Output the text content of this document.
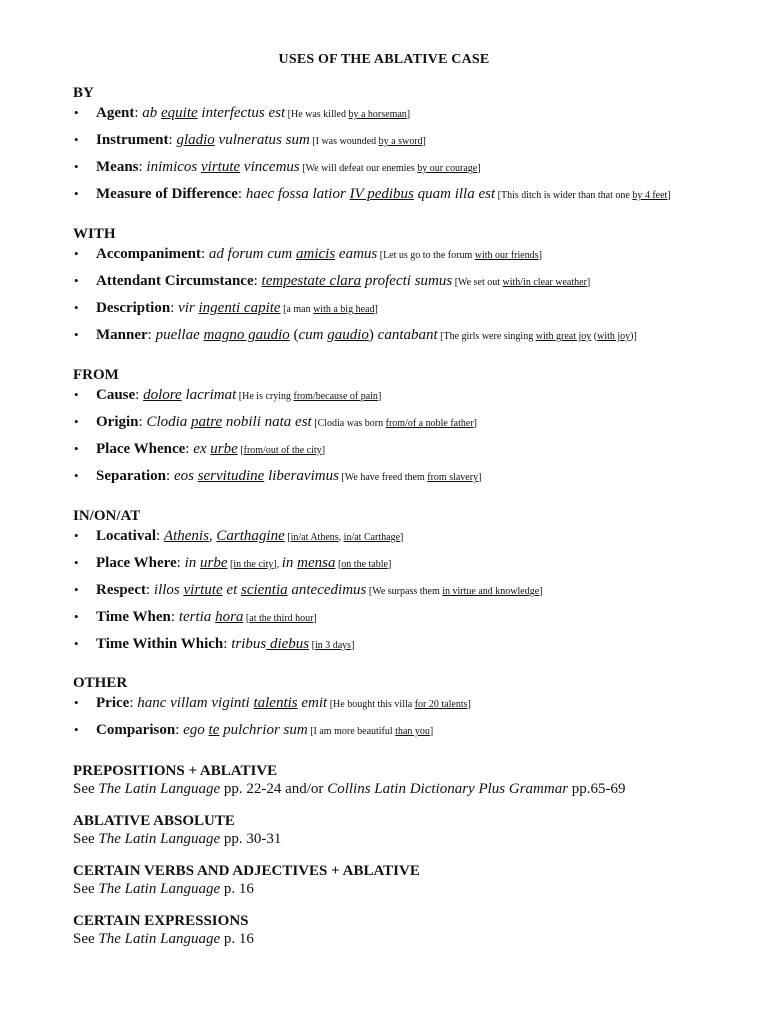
USES OF THE ABLATIVE CASE
BY
• Agent: ab equite interfectus est [He was killed by a horseman]
• Instrument: gladio vulneratus sum [I was wounded by a sword]
• Means: inimicos virtute vincemus [We will defeat our enemies by our courage]
• Measure of Difference: haec fossa latior IV pedibus quam illa est [This ditch is wider than that one by 4 feet]
WITH
• Accompaniment: ad forum cum amicis eamus [Let us go to the forum with our friends]
• Attendant Circumstance: tempestate clara profecti sumus [We set out with/in clear weather]
• Description: vir ingenti capite [a man with a big head]
• Manner: puellae magno gaudio (cum gaudio) cantabant [The girls were singing with great joy (with joy)]
FROM
• Cause: dolore lacrimat [He is crying from/because of pain]
• Origin: Clodia patre nobili nata est [Clodia was born from/of a noble father]
• Place Whence: ex urbe [from/out of the city]
• Separation: eos servitudine liberavimus [We have freed them from slavery]
IN/ON/AT
• Locatival: Athenis, Carthagine [in/at Athens, in/at Carthage]
• Place Where: in urbe [in the city], in mensa [on the table]
• Respect: illos virtute et scientia antecedimus [We surpass them in virtue and knowledge]
• Time When: tertia hora [at the third hour]
• Time Within Which: tribus diebus [in 3 days]
OTHER
• Price: hanc villam viginti talentis emit [He bought this villa for 20 talents]
• Comparison: ego te pulchrior sum [I am more beautiful than you]
PREPOSITIONS + ABLATIVE
See The Latin Language pp. 22-24 and/or Collins Latin Dictionary Plus Grammar pp.65-69
ABLATIVE ABSOLUTE
See The Latin Language pp. 30-31
CERTAIN VERBS AND ADJECTIVES + ABLATIVE
See The Latin Language p. 16
CERTAIN EXPRESSIONS
See The Latin Language p. 16
